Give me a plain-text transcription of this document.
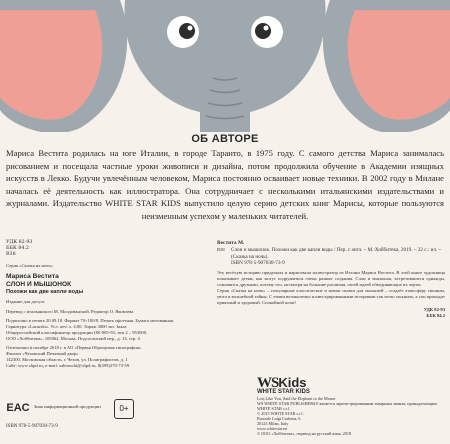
ОБ АВТОРЕ
Мариса Вестита родилась на юге Италии, в городе Таранто, в 1975 году. С самого детства Мариса занималась рисованием и посещала частные уроки живописи и дизайна, потом продолжила обучение в Академии изящных искусств в Лекко. Будучи увлечённым человеком, Мариса постоянно осваивает новые техники. В 2002 году в Милане началась её деятельность как иллюстратора. Она сотрудничает с несколькими итальянскими издательствами и журналами. Издательство WHITE STAR KIDS выпустило целую серию детских книг Марисы, которые пользуются неизменным успехом у маленьких читателей.
УДК 82-93
ББК 84.2
В38
Серия «Сказка на ночь»
Мариса Вестита
СЛОН И МЫШОНОК
Похожи как две капли воды
Издание для досуга
Перевод с итальянского М. Молдованской. Редактор О. Яковлева
Подписано в печать 20.09.18. Формат 70×100/8. Печать офсетная. Бумага мелованная. Гарнитура «Lazurski». Усл. печ. л. 4,00. Тираж 3000 экз. Заказ
Общероссийский классификатор продукции ОК-005-93, том 2 – 953000.
ООО «Хоббитека», 105062, Москва, Подсосенский пер., д. 13, стр. 4
Отпечатано в октябре 2018 г. в АО «Первая Образцовая типография»
Филиал «Чеховский Печатный двор»
142300, Московская область, г. Чехов, ул. Полиграфистов, д. 1
Сайт: www.chpd.ru, e-mail: salesmcht@chpd.ru, 8(499)270-73-59.
EAC Знак информационной продукции	0+
ISBN 978-5-907030-73-9
Вестита М.
В38	Слон и мышонок. Похожи как две капли воды / Пер. с англ. – М.:Хоббитека, 2019. – 32 с.: ил. – (Сказка на ночь).
ISBN 978-5-907030-73-9
Эту весёлую историю придумала и нарисовала иллюстратор из Италии Мариса Вестита. В этой книге художница показывает детям, как могут подружиться очень разные создания. Слон и мышонок, встретившиеся однажды, становятся друзьями, потому что, несмотря на большие различия, своей идеей объединяющие их черты.
Серия «Сказка на ночь» – популярные классические и новые сказки для малышей – создаёт атмосферу тишины, уюта и волшебной тайны. С этими великолепно иллюстрированными историями так легко засыпать, а сон приходит приятный и здоровый. Спокойной ночи!
УДК 82-93
ББК 84.2
WSKids
WHITE STAR KIDS
Lots Like You, Said the Elephant to the Mouse
WS WHITE STAR PUBLISHERS® является зарегистрированным товарным знаком, принадлежащим WHITE STAR s.r.l.
© 2015 WHITE STAR s.r.l.
Piazzale Luigi Cadorna, 6
20123 Milan, Italy
www.whitestar.eu
© ООО «Хоббитека», перевод на русский язык, 2018
